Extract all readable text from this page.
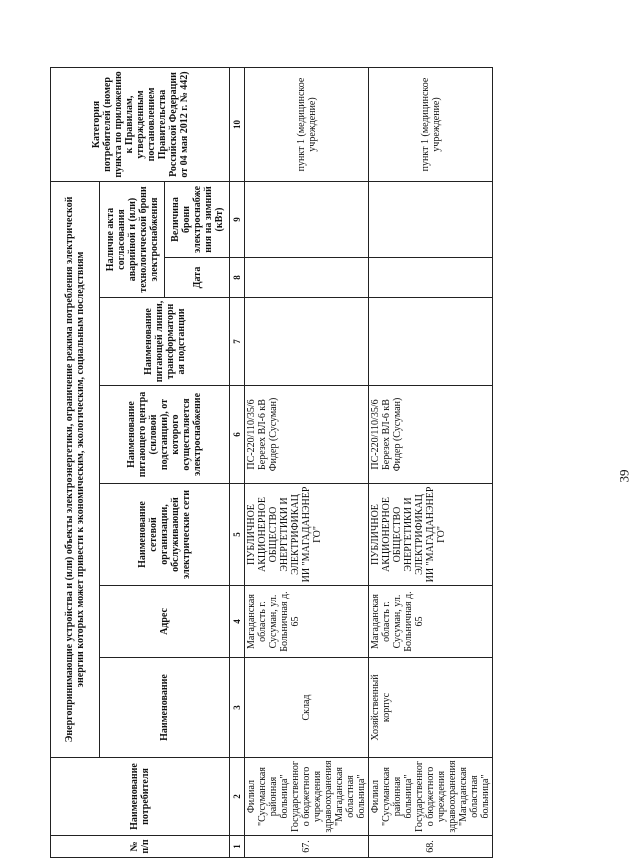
39
№ п/п	Наименование потребителя	Энергопринимающие устройства и (или) объекты электроэнергетики, ограничение режима потребления электрической энергии которых может привести к экономическим, экологическим, социальным последствиям							Категория потребителей (номер пункта по приложению к Правилам, утвержденным постановлением Правительства Российской Федерации от 04 мая 2012 г. № 442)
		Наименование	Адрес	Наименование сетевой организации, обслуживающей электрические сети	Наименование питающего центра (силовой подстанции), от которого осуществляется электроснабжение	Наименование питающей линии, трансформаторн ая подстанции	Наличие акта согласования аварийной и (или) технологической брони электроснабжения		
							Дата	Величина брони электроснабже ния на зимний (кВт)	
1	2	3	4	5	6	7	8	9	10
67.	Филиал "Сусуманская районная больница" Государственного бюджетного учреждения здравоохранения "Магаданская областная больница"	Склад	Магаданская область г. Сусуман, ул. Больничная д. 65	ПУБЛИЧНОЕ АКЦИОНЕРНОЕ ОБЩЕСТВО ЭНЕРГЕТИКИ И ЭЛЕКТРИФИКАЦ ИИ "МАГАДАНЭНЕР ГО"	ПС-220/110/35/6 Березех ВЛ-6 кВ Фидер (Сусуман)				пункт 1 (медицинское учреждение)
68.	Филиал "Сусуманская районная больница" Государственного бюджетного учреждения здравоохранения "Магаданская областная больница"	Хозяйственный корпус	Магаданская область г. Сусуман, ул. Больничная д. 65	ПУБЛИЧНОЕ АКЦИОНЕРНОЕ ОБЩЕСТВО ЭНЕРГЕТИКИ И ЭЛЕКТРИФИКАЦ ИИ "МАГАДАНЭНЕР ГО"	ПС-220/110/35/6 Березех ВЛ-6 кВ Фидер (Сусуман)				пункт 1 (медицинское учреждение)
